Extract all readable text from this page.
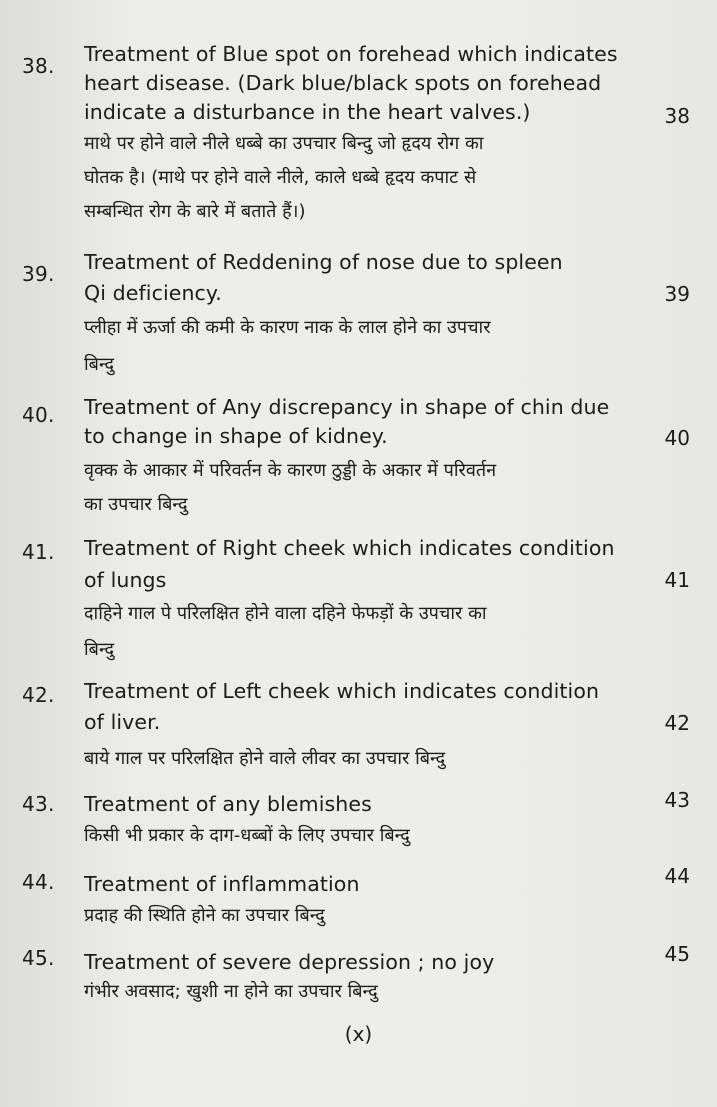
38. Treatment of Blue spot on forehead which indicates
heart disease. (Dark blue/black spots on forehead
indicate a disturbance in the heart valves.)
माथे पर होने वाले नीले धब्बे का उपचार बिन्दु जो हृदय रोग का
घोतक है। (माथे पर होने वाले नीले, काले धब्बे हृदय कपाट से
सम्बन्धित रोग के बारे में बताते हैं।)
38
39. Treatment of Reddening of nose due to spleen
Qi deficiency.
प्लीहा में ऊर्जा की कमी के कारण नाक के लाल होने का उपचार
बिन्दु
39
40. Treatment of Any discrepancy in shape of chin due
to change in shape of kidney.
वृक्क के आकार में परिवर्तन के कारण ठुड्डी के अकार में परिवर्तन
का उपचार बिन्दु
40
41. Treatment of Right cheek which indicates condition
of lungs
दाहिने गाल पे परिलक्षित होने वाला दहिने फेफड़ों के उपचार का
बिन्दु
41
42. Treatment of Left cheek which indicates condition
of liver.
बाये गाल पर परिलक्षित होने वाले लीवर का उपचार बिन्दु
42
43. Treatment of any blemishes
किसी भी प्रकार के दाग-धब्बों के लिए उपचार बिन्दु
43
44. Treatment of inflammation
प्रदाह की स्थिति होने का उपचार बिन्दु
44
45. Treatment of severe depression ; no joy
गंभीर अवसाद; खुशी ना होने का उपचार बिन्दु
45
(x)
